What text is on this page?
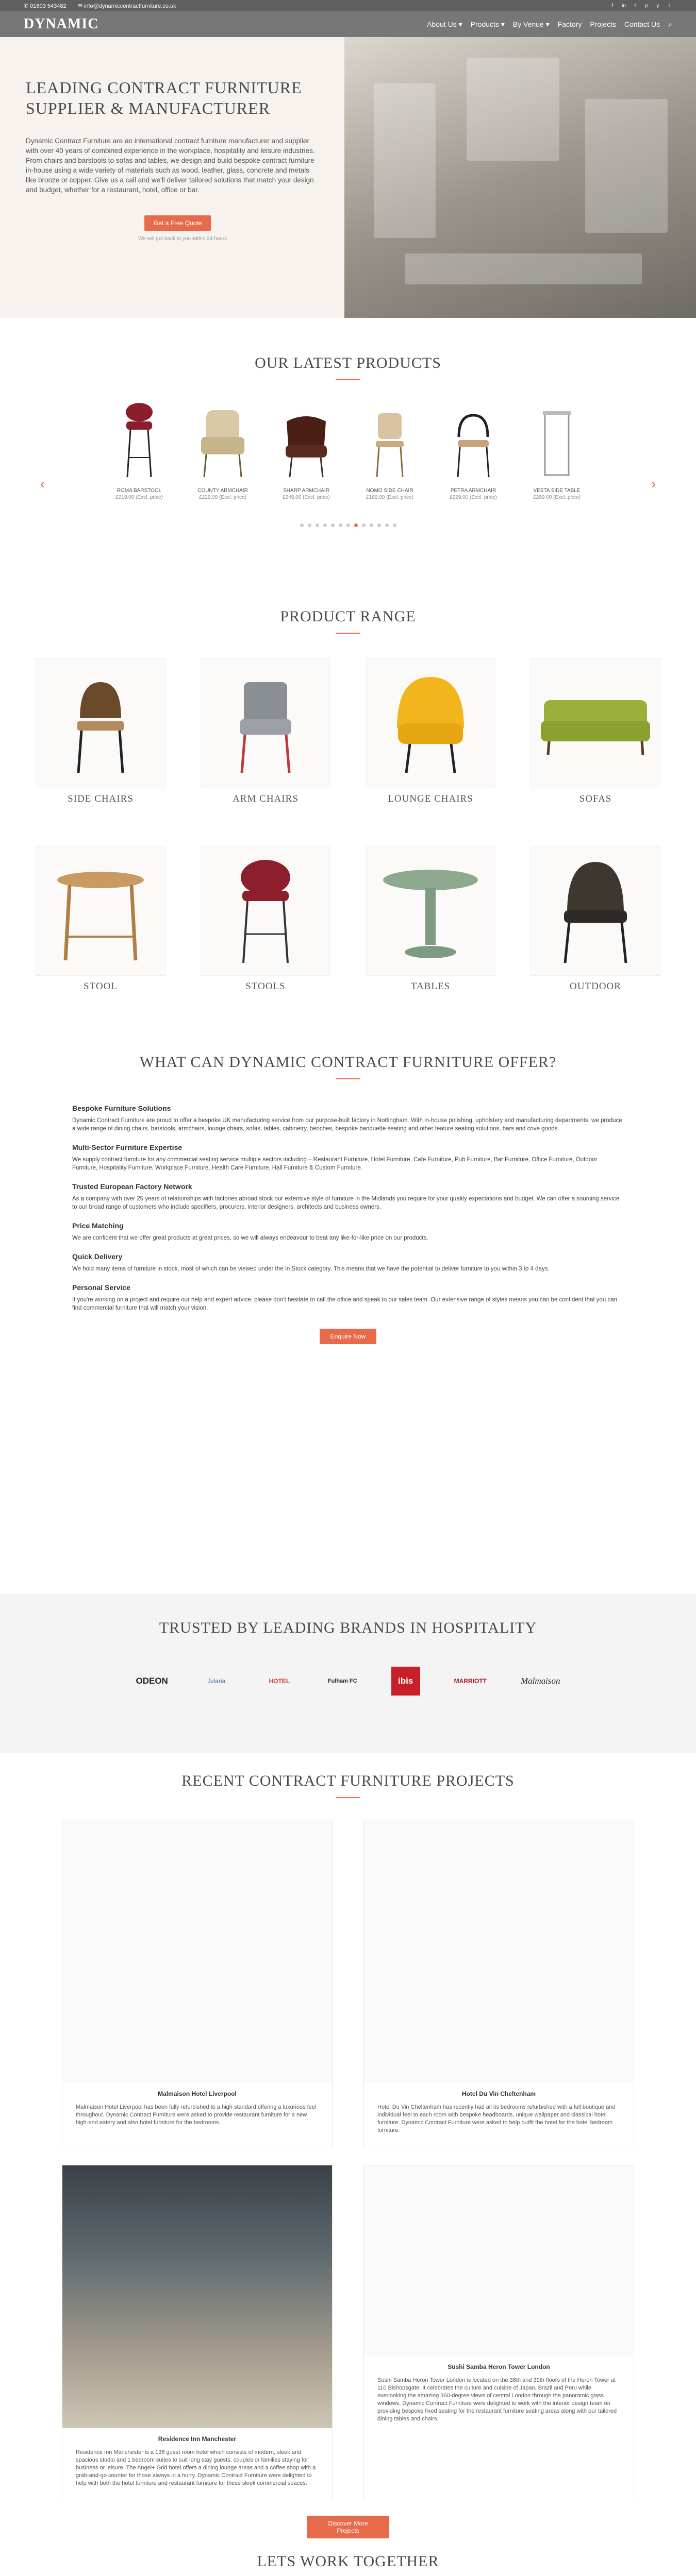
✆ 01603 543482 ✉ info@dynamiccontractfurniture.co.uk	f	in	t	p	y	i
DYNAMIC	About Us ▾ Products ▾ By Venue ▾ Factory Projects Contact Us ⌕
LEADING CONTRACT FURNITURE SUPPLIER & MANUFACTURER

Dynamic Contract Furniture are an international contract furniture manufacturer and supplier with over 40 years of combined experience in the workplace, hospitality and leisure industries. From chairs and barstools to sofas and tables, we design and build bespoke contract furniture in-house using a wide variety of materials such as wood, leather, glass, concrete and metals like bronze or copper. Give us a call and we'll deliver tailored solutions that match your design and budget, whether for a restaurant, hotel, office or bar.

Get a Free Quote
We will get back to you within 24 hours
OUR LATEST PRODUCTS
‹	›
ROMA BARSTOOL
£219.00 (Excl. price)
COUNTY ARMCHAIR
£229.00 (Excl. price)
SHARP ARMCHAIR
£245.00 (Excl. price)
NOMO SIDE CHAIR
£189.00 (Excl. price)
PETRA ARMCHAIR
£229.00 (Excl. price)
VESTA SIDE TABLE
£299.00 (Excl. price)
PRODUCT RANGE
SIDE CHAIRS	ARM CHAIRS	LOUNGE CHAIRS	SOFAS
STOOL	STOOLS	TABLES	OUTDOOR
WHAT CAN DYNAMIC CONTRACT FURNITURE OFFER?
Bespoke Furniture Solutions

Dynamic Contract Furniture are proud to offer a bespoke UK manufacturing service from our purpose-built factory in Nottingham. With in-house polishing, upholstery and manufacturing departments, we produce a wide range of dining chairs, barstools, armchairs, lounge chairs, sofas, tables, cabinetry, benches, bespoke banquette seating and other feature seating solutions, bars and cove goods.

Multi-Sector Furniture Expertise

We supply contract furniture for any commercial seating service multiple sectors including – Restaurant Furniture, Hotel Furniture, Cafe Furniture, Pub Furniture, Bar Furniture, Office Furniture, Outdoor Furniture, Hospitality Furniture, Workplace Furniture, Health Care Furniture, Hall Furniture & Custom Furniture.

Trusted European Factory Network

As a company with over 25 years of relationships with factories abroad stock our extensive style of furniture in the Midlands you require for your quality expectations and budget. We can offer a sourcing service to our broad range of customers who include specifiers, procurers, interior designers, architects and business owners.

Price Matching

We are confident that we offer great products at great prices, so we will always endeavour to beat any like-for-like price on our products.

Quick Delivery

We hold many items of furniture in stock, most of which can be viewed under the In Stock category. This means that we have the potential to deliver furniture to you within 3 to 4 days.

Personal Service

If you're working on a project and require our help and expert advice, please don't hesitate to call the office and speak to our sales team. Our extensive range of styles means you can be confident that you can find commercial furniture that will match your vision.

Enquire Now
TRUSTED BY LEADING BRANDS IN HOSPITALITY
ODEON	Jvlaria	HOTEL	Fulham FC	ibis	MARRIOTT	Malmaison
RECENT CONTRACT FURNITURE PROJECTS
Malmaison Hotel Liverpool

Malmaison Hotel Liverpool has been fully refurbished to a high standard offering a luxurious feel throughout. Dynamic Contract Furniture were asked to provide restaurant furniture for a new high-end eatery and also hotel furniture for the bedrooms.

Hotel Du Vin Cheltenham

Hotel Du Vin Cheltenham has recently had all its bedrooms refurbished with a full boutique and individual feel to each room with bespoke headboards, unique wallpaper and classical hotel furniture. Dynamic Contract Furniture were asked to help outfit the hotel for the hotel bedroom furniture.

Residence Inn Manchester

Residence Inn Manchester is a 136 guest room hotel which consists of modern, sleek and spacious studio and 1 bedroom suites to suit long stay guests, couples or families staying for business or leisure. The Angel+ Grid hotel offers a dining lounge areas and a coffee shop with a grab-and-go counter for those always in a hurry. Dynamic Contract Furniture were delighted to help with both the hotel furniture and restaurant furniture for these sleek commercial spaces.

Sushi Samba Heron Tower London

Sushi Samba Heron Tower London is located on the 38th and 39th floors of the Heron Tower at 110 Bishopsgate. It celebrates the culture and cuisine of Japan, Brazil and Peru while overlooking the amazing 360-degree views of central London through the panoramic glass windows. Dynamic Contract Furniture were delighted to work with the interior design team on providing bespoke fixed seating for the restaurant furniture seating areas along with our tailored dining tables and chairs.

Discover More Projects
LETS WORK TOGETHER
